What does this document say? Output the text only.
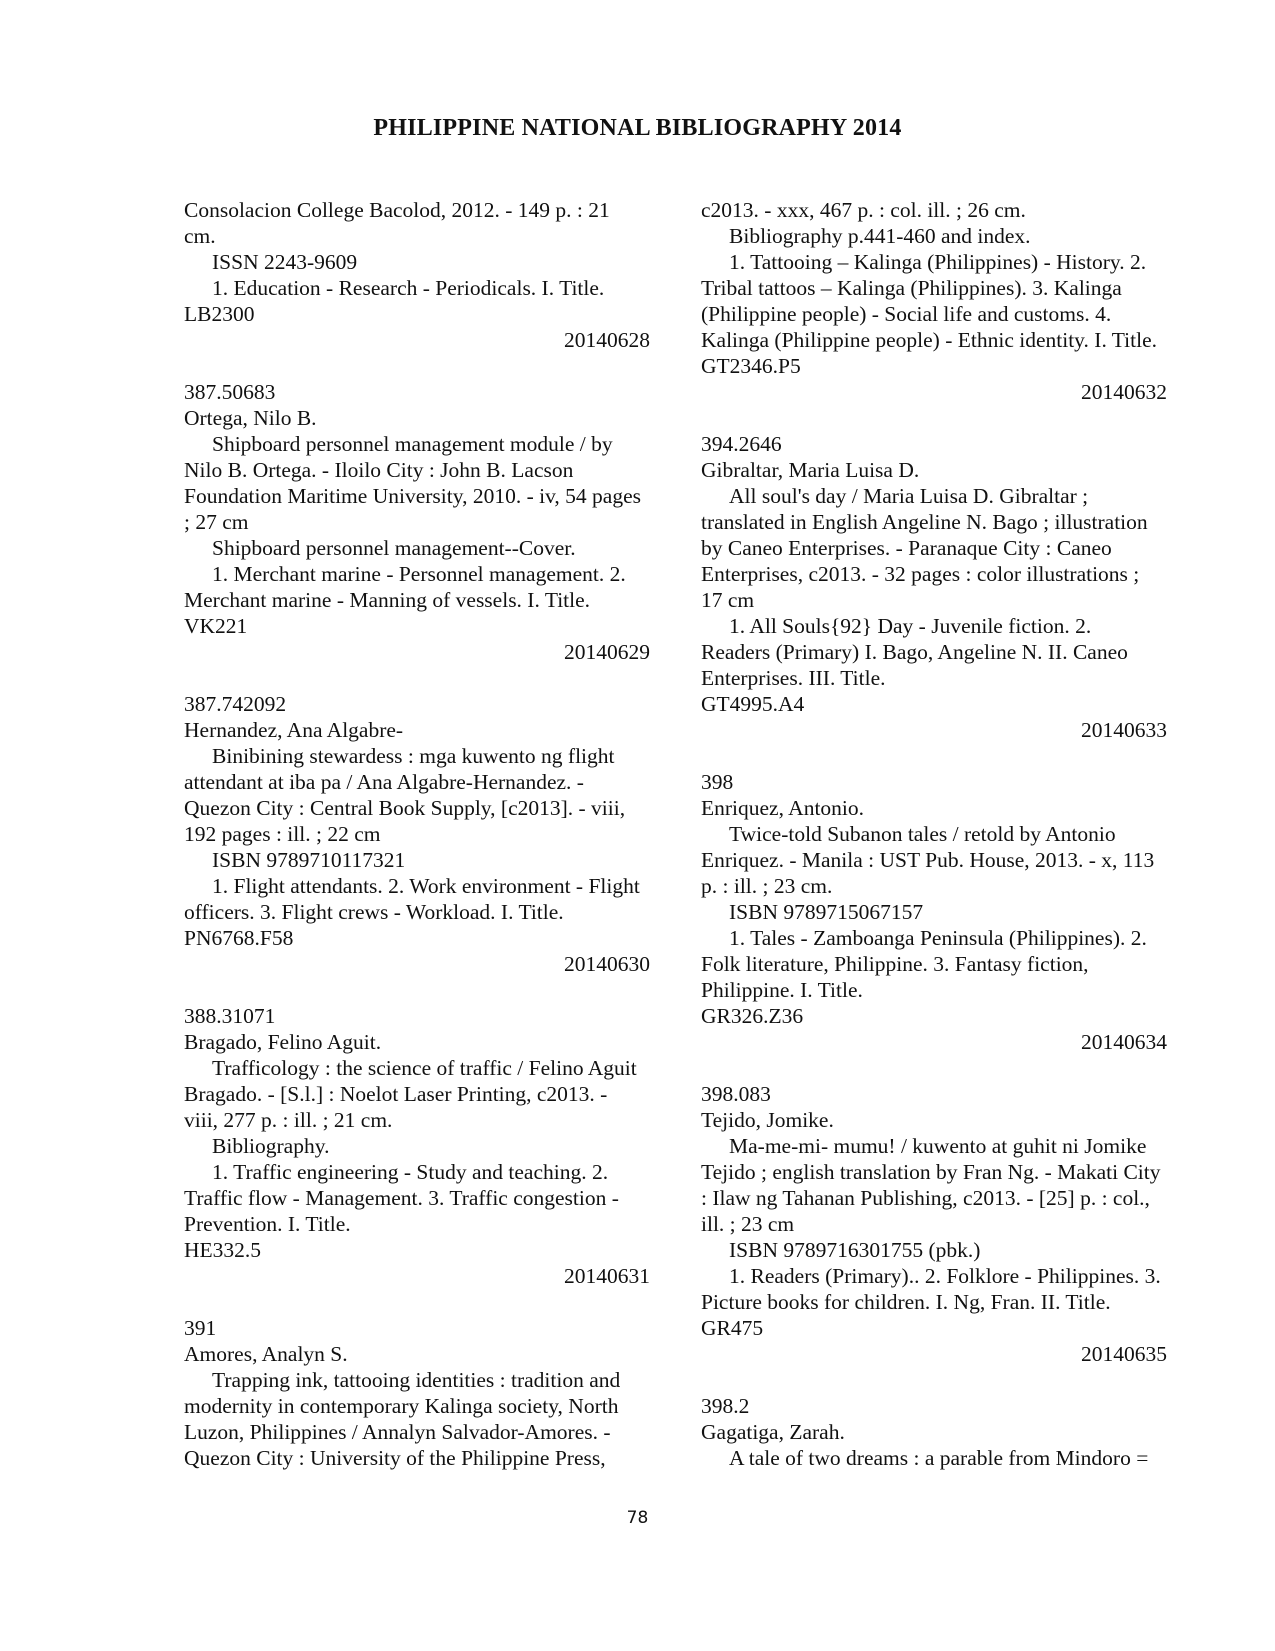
PHILIPPINE NATIONAL BIBLIOGRAPHY 2014
Consolacion College Bacolod, 2012. - 149 p. : 21
cm.
ISSN 2243-9609
1. Education - Research - Periodicals. I. Title.
LB2300
20140628
387.50683
Ortega, Nilo B.
Shipboard personnel management module / by
Nilo B. Ortega. - Iloilo City : John B. Lacson
Foundation Maritime University, 2010. - iv, 54 pages
; 27 cm
Shipboard personnel management--Cover.
1. Merchant marine - Personnel management. 2.
Merchant marine - Manning of vessels. I. Title.
VK221
20140629
387.742092
Hernandez, Ana Algabre-
Binibining stewardess : mga kuwento ng flight
attendant at iba pa / Ana Algabre-Hernandez. -
Quezon City : Central Book Supply, [c2013]. - viii,
192 pages : ill. ; 22 cm
ISBN 9789710117321
1. Flight attendants. 2. Work environment - Flight
officers. 3. Flight crews - Workload. I. Title.
PN6768.F58
20140630
388.31071
Bragado, Felino Aguit.
Trafficology : the science of traffic / Felino Aguit
Bragado. - [S.l.] : Noelot Laser Printing, c2013. -
viii, 277 p. : ill. ; 21 cm.
Bibliography.
1. Traffic engineering - Study and teaching. 2.
Traffic flow - Management. 3. Traffic congestion -
Prevention. I. Title.
HE332.5
20140631
391
Amores, Analyn S.
Trapping ink, tattooing identities : tradition and
modernity in contemporary Kalinga society, North
Luzon, Philippines / Annalyn Salvador-Amores. -
Quezon City : University of the Philippine Press,
c2013. - xxx, 467 p. : col. ill. ; 26 cm.
Bibliography p.441-460 and index.
1. Tattooing – Kalinga (Philippines) - History. 2.
Tribal tattoos – Kalinga (Philippines). 3. Kalinga
(Philippine people) - Social life and customs. 4.
Kalinga (Philippine people) - Ethnic identity. I. Title.
GT2346.P5
20140632
394.2646
Gibraltar, Maria Luisa D.
All soul's day / Maria Luisa D. Gibraltar ;
translated in English Angeline N. Bago ; illustration
by Caneo Enterprises. - Paranaque City : Caneo
Enterprises, c2013. - 32 pages : color illustrations ;
17 cm
1. All Souls{92} Day - Juvenile fiction. 2.
Readers (Primary) I. Bago, Angeline N. II. Caneo
Enterprises. III. Title.
GT4995.A4
20140633
398
Enriquez, Antonio.
Twice-told Subanon tales / retold by Antonio
Enriquez. - Manila : UST Pub. House, 2013. - x, 113
p. : ill. ; 23 cm.
ISBN 9789715067157
1. Tales - Zamboanga Peninsula (Philippines). 2.
Folk literature, Philippine. 3. Fantasy fiction,
Philippine. I. Title.
GR326.Z36
20140634
398.083
Tejido, Jomike.
Ma-me-mi- mumu! / kuwento at guhit ni Jomike
Tejido ; english translation by Fran Ng. - Makati City
: Ilaw ng Tahanan Publishing, c2013. - [25] p. : col.,
ill. ; 23 cm
ISBN 9789716301755 (pbk.)
1. Readers (Primary).. 2. Folklore - Philippines. 3.
Picture books for children. I. Ng, Fran. II. Title.
GR475
20140635
398.2
Gagatiga, Zarah.
A tale of two dreams : a parable from Mindoro =
78
